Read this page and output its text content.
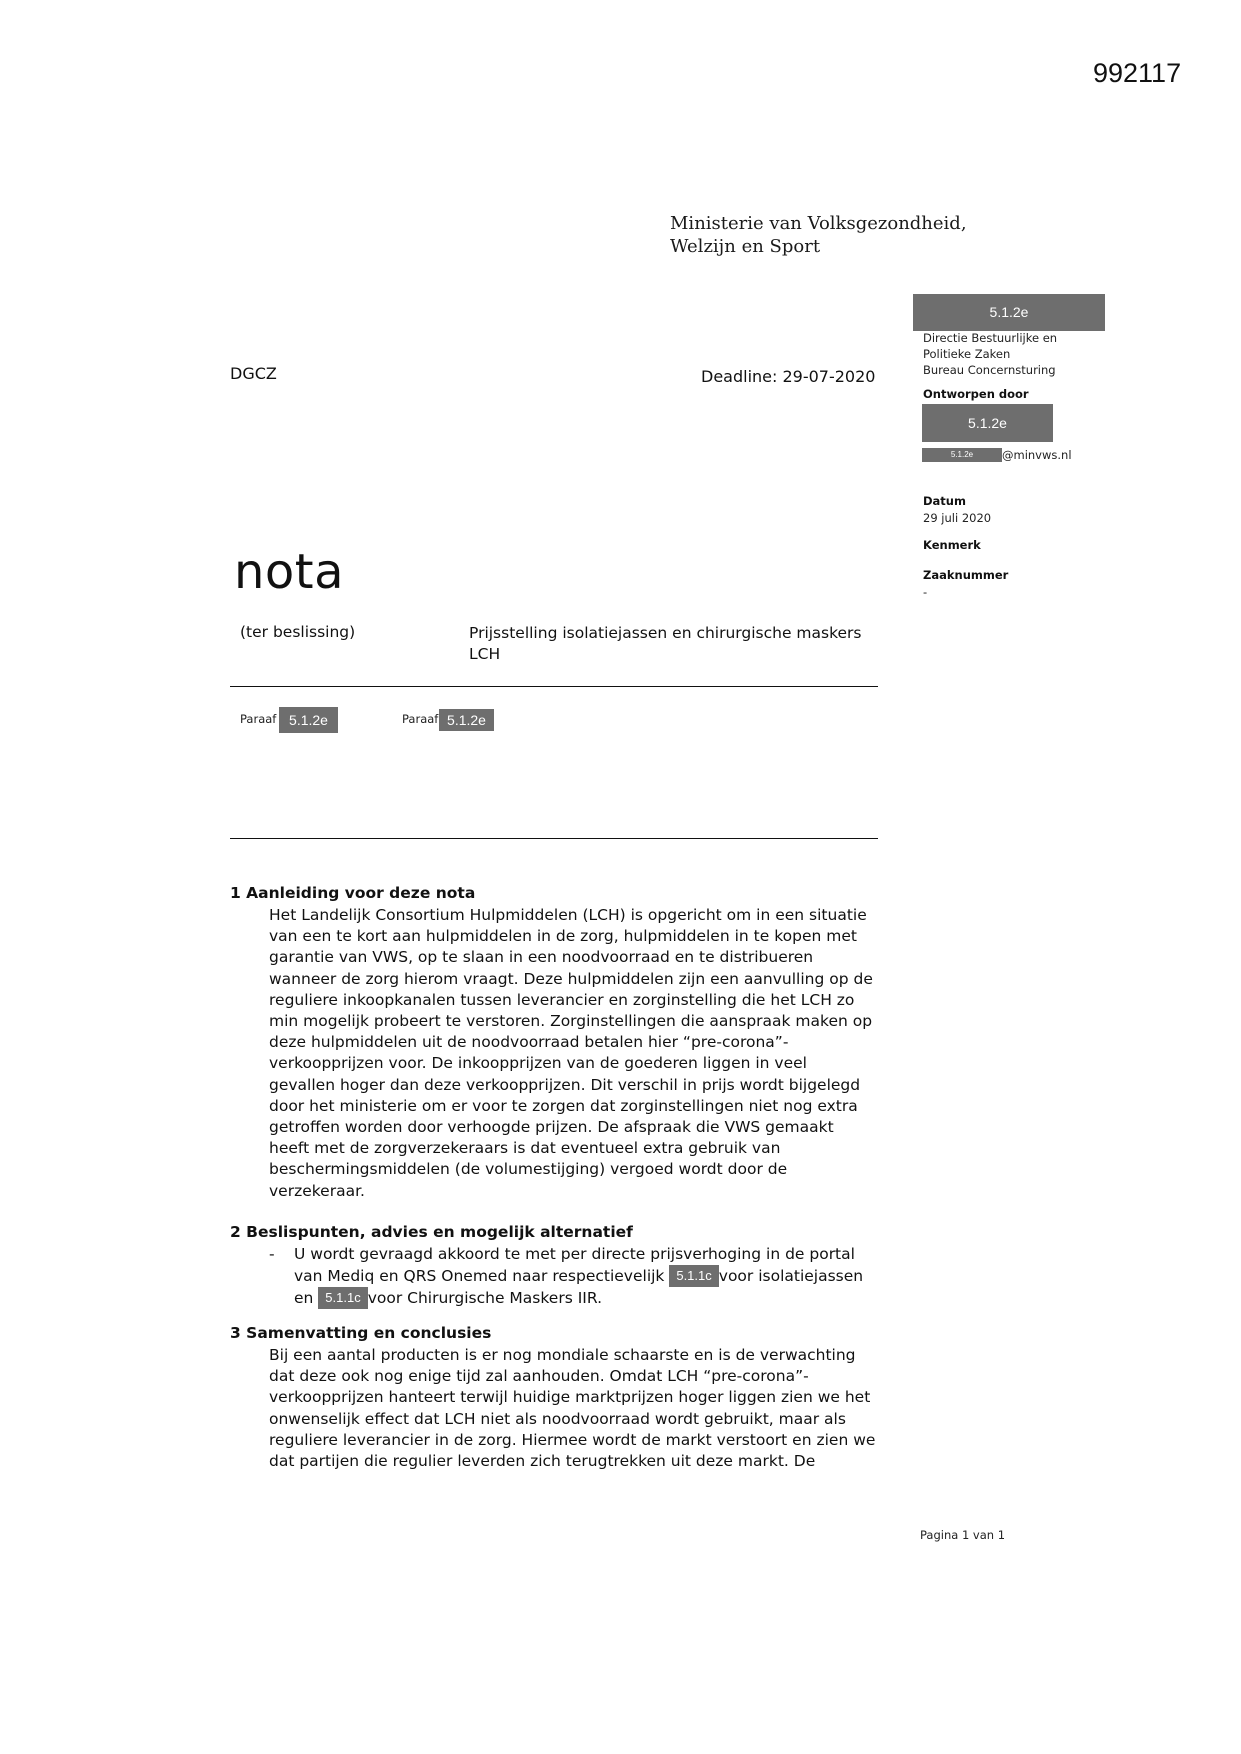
992117
Ministerie van Volksgezondheid,
Welzijn en Sport
5.1.2e
Directie Bestuurlijke en
Politieke Zaken
Bureau Concernsturing
Ontworpen door
5.1.2e
5.1.2e	@minvws.nl
Datum
29 juli 2020
Kenmerk
Zaaknummer
-
DGCZ	Deadline: 29-07-2020
nota
(ter beslissing)	Prijsstelling isolatiejassen en chirurgische maskers
LCH
Paraaf 5.1.2e	Paraaf 5.1.2e
1 Aanleiding voor deze nota
Het Landelijk Consortium Hulpmiddelen (LCH) is opgericht om in een situatie
van een te kort aan hulpmiddelen in de zorg, hulpmiddelen in te kopen met
garantie van VWS, op te slaan in een noodvoorraad en te distribueren
wanneer de zorg hierom vraagt. Deze hulpmiddelen zijn een aanvulling op de
reguliere inkoopkanalen tussen leverancier en zorginstelling die het LCH zo
min mogelijk probeert te verstoren. Zorginstellingen die aanspraak maken op
deze hulpmiddelen uit de noodvoorraad betalen hier “pre-corona”-
verkoopprijzen voor. De inkoopprijzen van de goederen liggen in veel
gevallen hoger dan deze verkoopprijzen. Dit verschil in prijs wordt bijgelegd
door het ministerie om er voor te zorgen dat zorginstellingen niet nog extra
getroffen worden door verhoogde prijzen. De afspraak die VWS gemaakt
heeft met de zorgverzekeraars is dat eventueel extra gebruik van
beschermingsmiddelen (de volumestijging) vergoed wordt door de
verzekeraar.
2 Beslispunten, advies en mogelijk alternatief
- U wordt gevraagd akkoord te met per directe prijsverhoging in de portal
van Mediq en QRS Onemed naar respectievelijk 5.1.1c voor isolatiejassen
en 5.1.1c voor Chirurgische Maskers IIR.
3 Samenvatting en conclusies
Bij een aantal producten is er nog mondiale schaarste en is de verwachting
dat deze ook nog enige tijd zal aanhouden. Omdat LCH “pre-corona”-
verkoopprijzen hanteert terwijl huidige marktprijzen hoger liggen zien we het
onwenselijk effect dat LCH niet als noodvoorraad wordt gebruikt, maar als
reguliere leverancier in de zorg. Hiermee wordt de markt verstoort en zien we
dat partijen die regulier leverden zich terugtrekken uit deze markt. De
Pagina 1 van 1
